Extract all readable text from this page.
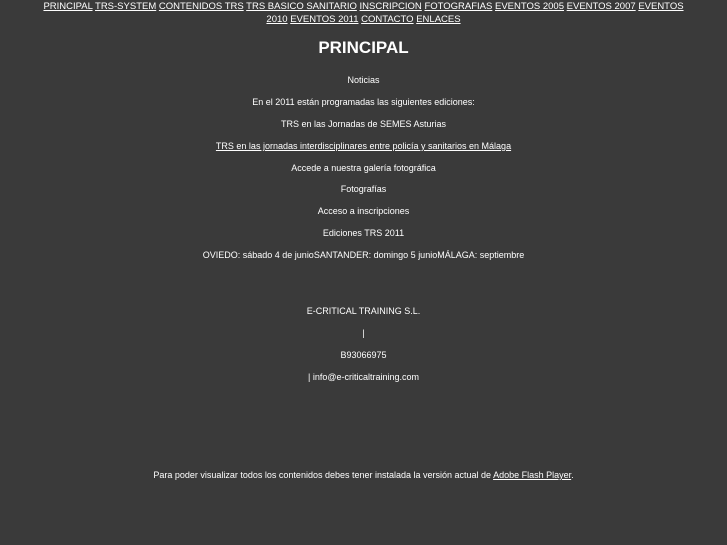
PRINCIPAL TRS-SYSTEM CONTENIDOS TRS TRS BASICO SANITARIO INSCRIPCION FOTOGRAFIAS EVENTOS 2005 EVENTOS 2007 EVENTOS 2010 EVENTOS 2011 CONTACTO ENLACES
PRINCIPAL
Noticias
En el 2011 están programadas las siguientes ediciones:
TRS en las Jornadas de SEMES Asturias
TRS en las jornadas interdisciplinares entre policía y sanitarios en Málaga
Accede a nuestra galería fotográfica
Fotografías
Acceso a inscripciones
Ediciones TRS 2011
OVIEDO: sábado 4 de junioSANTANDER: domingo 5 junioMÁLAGA: septiembre
E-CRITICAL TRAINING S.L.
|
B93066975
| info@e-criticaltraining.com
Para poder visualizar todos los contenidos debes tener instalada la versión actual de Adobe Flash Player.
